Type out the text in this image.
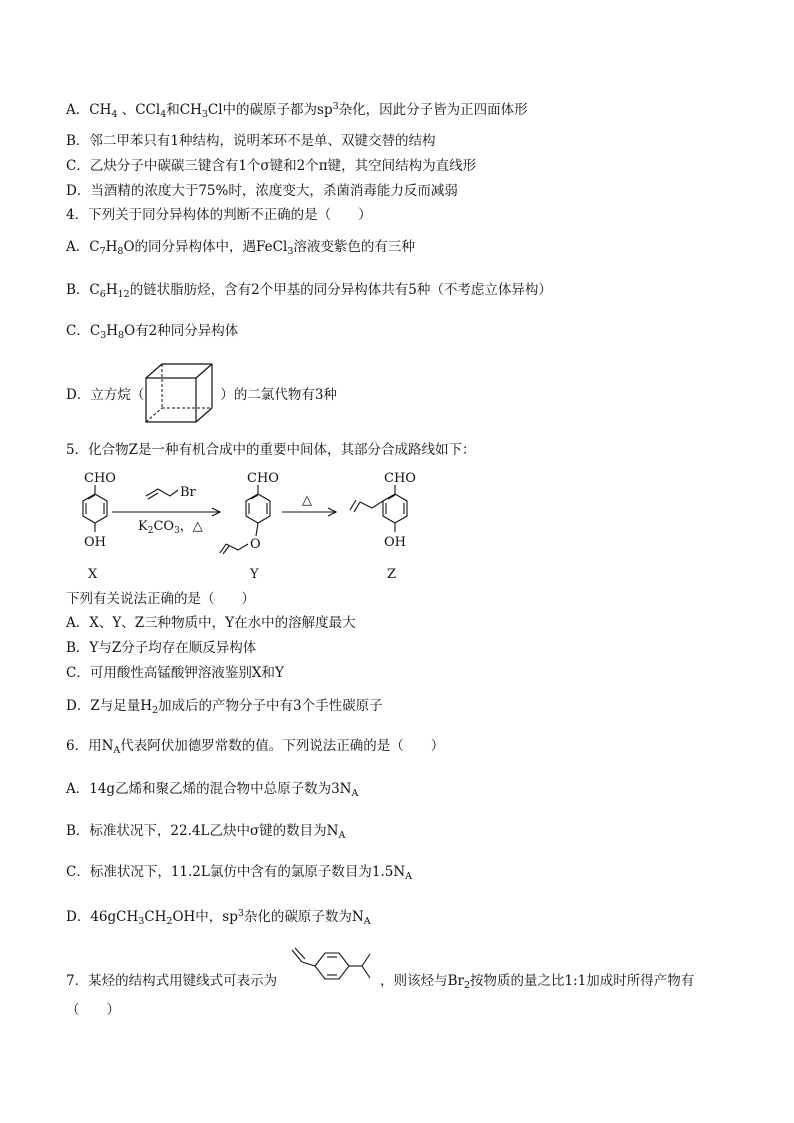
A．$CH_4$ 、CCl$_4$和$CH_3Cl$中的碳原子都为$sp^3$杂化，因此分子皆为正四面体形
B．邻二甲苯只有1种结构，说明苯环不是单、双键交替的结构
C．乙炔分子中碳碳三键含有1个σ键和2个π键，其空间结构为直线形
D．当酒精的浓度大于75%时，浓度变大，杀菌消毒能力反而减弱
4．下列关于同分异构体的判断不正确的是（　　）
A．$C_7H_8O$的同分异构体中，遇FeCl$_3$溶液变紫色的有三种
B．$C_6H_{12}$的链状脂肪烃，含有2个甲基的同分异构体共有5种（不考虑立体异构）
C．$C_3H_8O$有2种同分异构体
D．立方烷（	）的二氯代物有3种
5．化合物Z是一种有机合成中的重要中间体，其部分合成路线如下：
CHO
OH
Br
$K_2CO_3$，△
CHO
O
△
CHO
OH
X	Y	Z
下列有关说法正确的是（　　）
A．X、Y、Z三种物质中，Y在水中的溶解度最大
B．Y与Z分子均存在顺反异构体
C．可用酸性高锰酸钾溶液鉴别X和Y
D．Z与足量$H_2$加成后的产物分子中有3个手性碳原子
6．用$N_A$代表阿伏加德罗常数的值。下列说法正确的是（　　）
A．14g乙烯和聚乙烯的混合物中总原子数为$3N_A$
B．标准状况下，22.4L乙炔中σ键的数目为$N_A$
C．标准状况下，11.2L氯仿中含有的氯原子数目为$1.5N_A$
D．$46gCH_3CH_2OH$中，$sp^3$杂化的碳原子数为$N_A$
7．某烃的结构式用键线式可表示为	，则该烃与$Br_2$按物质的量之比1:1加成时所得产物有
（　　）
